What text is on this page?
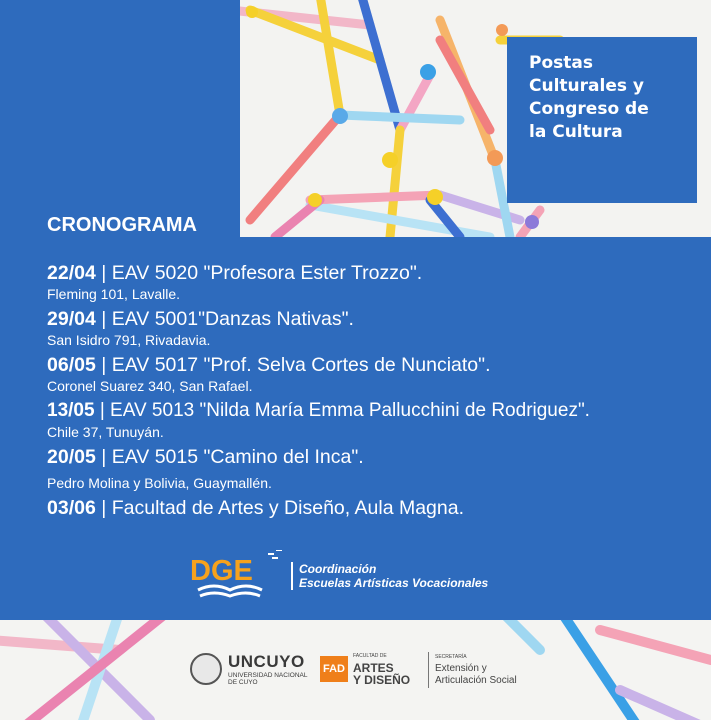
Postas
Culturales y
Congreso de
la Cultura
CRONOGRAMA
22/04 | EAV 5020 "Profesora Ester Trozzo".
Fleming 101, Lavalle.
29/04 | EAV 5001"Danzas Nativas".
San Isidro 791, Rivadavia.
06/05 | EAV 5017 "Prof. Selva Cortes de Nunciato".
Coronel Suarez 340, San Rafael.
13/05 | EAV 5013 "Nilda María Emma Pallucchini de Rodriguez".
Chile 37, Tunuyán.
20/05 | EAV 5015 "Camino del Inca".
Pedro Molina y Bolivia, Guaymallén.
03/06 | Facultad de Artes y Diseño, Aula Magna.
DGE	Coordinación
Escuelas Artísticas Vocacionales
UNCUYO
UNIVERSIDAD NACIONAL DE CUYO
FAD
FACULTAD DE
ARTES
Y DISEÑO
SECRETARÍA
Extensión y
Articulación Social
